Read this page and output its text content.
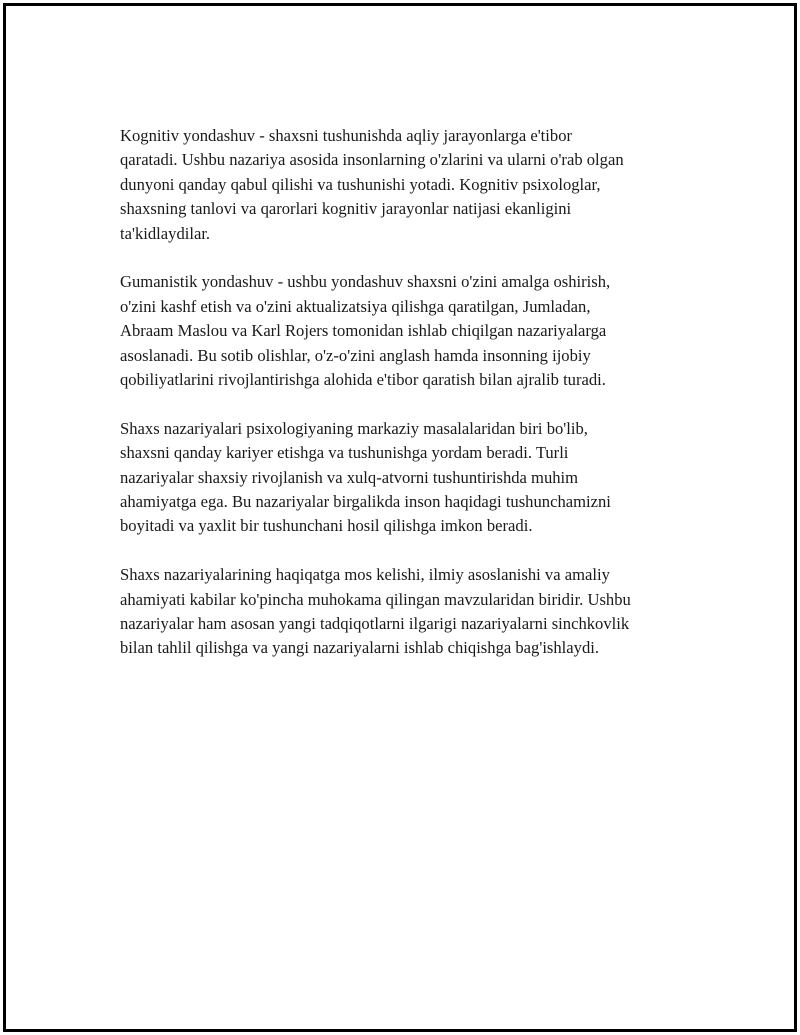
Kognitiv yondashuv - shaxsni tushunishda aqliy jarayonlarga e'tibor
qaratadi. Ushbu nazariya asosida insonlarning o'zlarini va ularni o'rab olgan
dunyoni qanday qabul qilishi va tushunishi yotadi. Kognitiv psixologlar,
shaxsning tanlovi va qarorlari kognitiv jarayonlar natijasi ekanligini
ta'kidlaydilar.

Gumanistik yondashuv - ushbu yondashuv shaxsni o'zini amalga oshirish,
o'zini kashf etish va o'zini aktualizatsiya qilishga qaratilgan, Jumladan,
Abraam Maslou va Karl Rojers tomonidan ishlab chiqilgan nazariyalarga
asoslanadi. Bu sotib olishlar, o'z-o'zini anglash hamda insonning ijobiy
qobiliyatlarini rivojlantirishga alohida e'tibor qaratish bilan ajralib turadi.

Shaxs nazariyalari psixologiyaning markaziy masalalaridan biri bo'lib,
shaxsni qanday kariyer etishga va tushunishga yordam beradi. Turli
nazariyalar shaxsiy rivojlanish va xulq-atvorni tushuntirishda muhim
ahamiyatga ega. Bu nazariyalar birgalikda inson haqidagi tushunchamizni
boyitadi va yaxlit bir tushunchani hosil qilishga imkon beradi.

Shaxs nazariyalarining haqiqatga mos kelishi, ilmiy asoslanishi va amaliy
ahamiyati kabilar ko'pincha muhokama qilingan mavzularidan biridir. Ushbu
nazariyalar ham asosan yangi tadqiqotlarni ilgarigi nazariyalarni sinchkovlik
bilan tahlil qilishga va yangi nazariyalarni ishlab chiqishga bag'ishlaydi.
